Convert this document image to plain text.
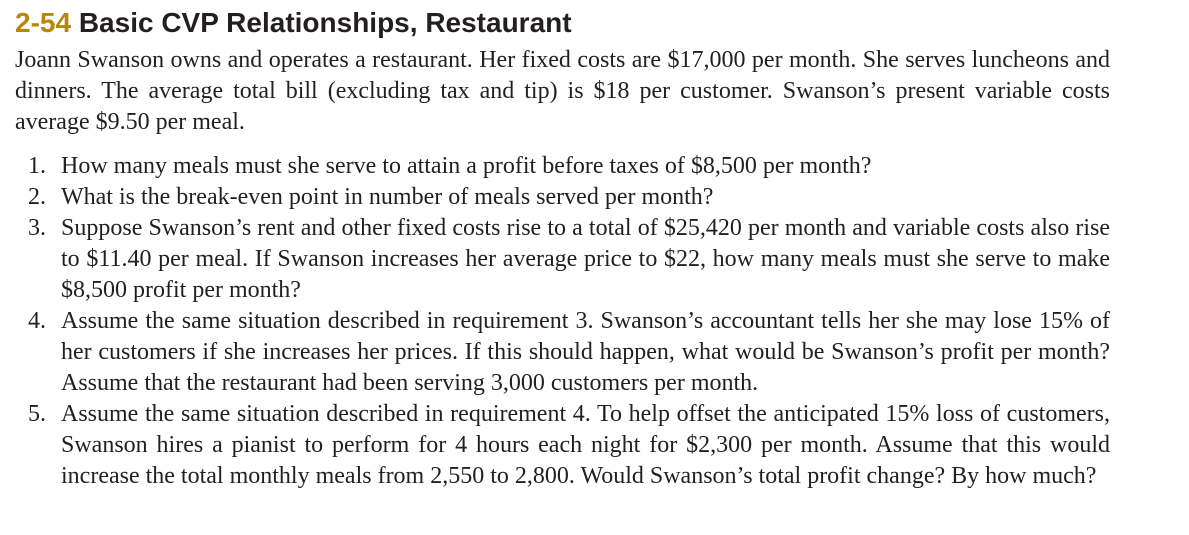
2-54 Basic CVP Relationships, Restaurant

Joann Swanson owns and operates a restaurant. Her fixed costs are $17,000 per month. She serves luncheons and dinners. The average total bill (excluding tax and tip) is $18 per customer. Swanson’s present variable costs average $9.50 per meal.

1. How many meals must she serve to attain a profit before taxes of $8,500 per month?
2. What is the break-even point in number of meals served per month?
3. Suppose Swanson’s rent and other fixed costs rise to a total of $25,420 per month and variable costs also rise to $11.40 per meal. If Swanson increases her average price to $22, how many meals must she serve to make $8,500 profit per month?
4. Assume the same situation described in requirement 3. Swanson’s accountant tells her she may lose 15% of her customers if she increases her prices. If this should happen, what would be Swanson’s profit per month? Assume that the restaurant had been serving 3,000 customers per month.
5. Assume the same situation described in requirement 4. To help offset the anticipated 15% loss of customers, Swanson hires a pianist to perform for 4 hours each night for $2,300 per month. Assume that this would increase the total monthly meals from 2,550 to 2,800. Would Swanson’s total profit change? By how much?
